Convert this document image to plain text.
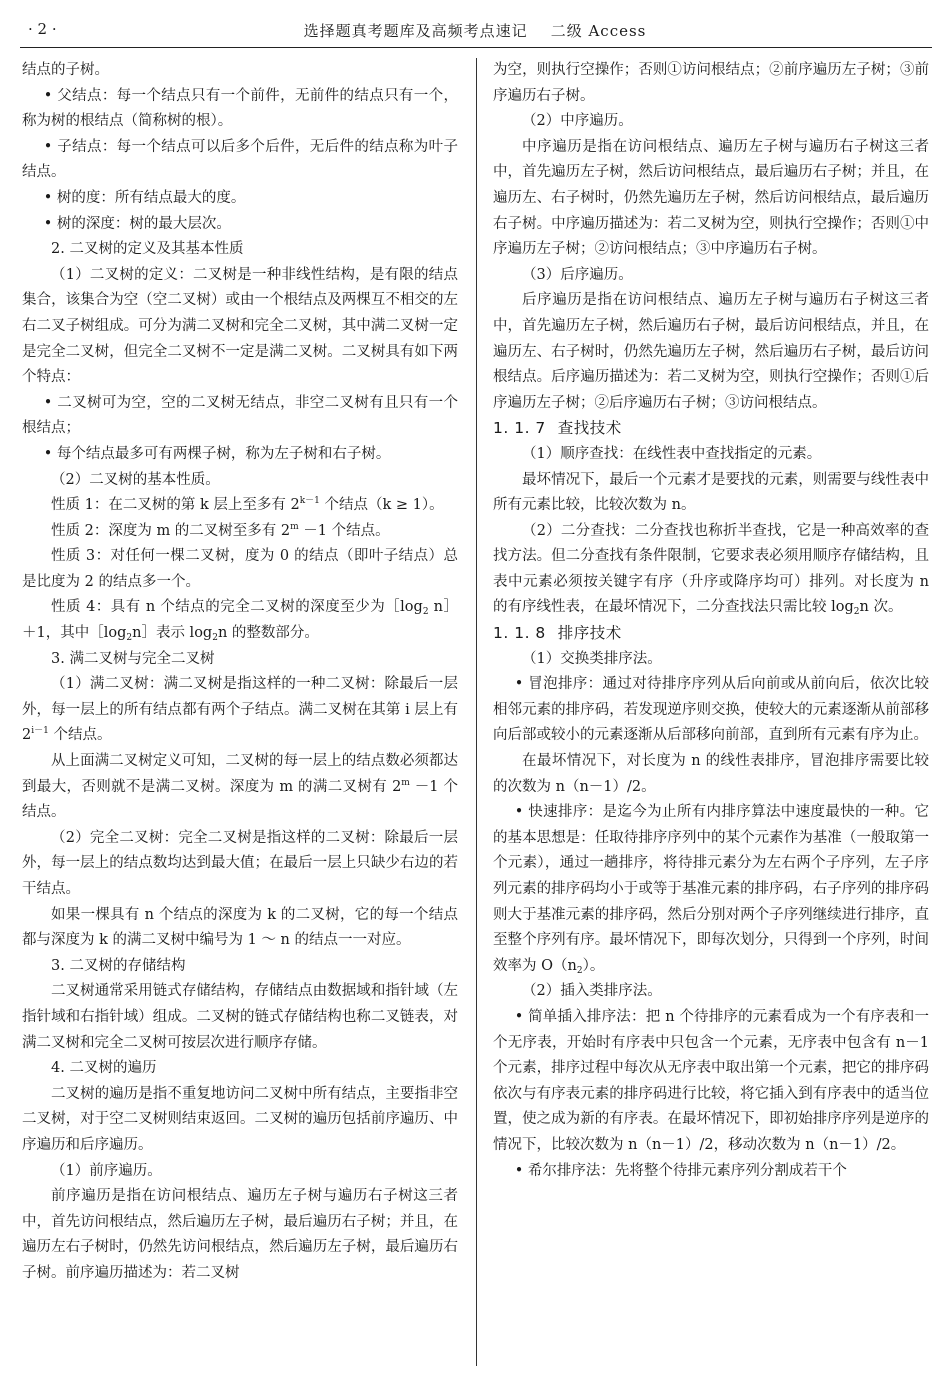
· 2 ·	选择题真考题库及高频考点速记    二级 Access

结点的子树。

• 父结点：每一个结点只有一个前件，无前件的结点只有一个，称为树的根结点（简称树的根）。

• 子结点：每一个结点可以后多个后件，无后件的结点称为叶子结点。

• 树的度：所有结点最大的度。

• 树的深度：树的最大层次。

2. 二叉树的定义及其基本性质

（1）二叉树的定义：二叉树是一种非线性结构，是有限的结点集合，该集合为空（空二叉树）或由一个根结点及两棵互不相交的左右二叉子树组成。可分为满二叉树和完全二叉树，其中满二叉树一定是完全二叉树，但完全二叉树不一定是满二叉树。二叉树具有如下两个特点：

• 二叉树可为空，空的二叉树无结点，非空二叉树有且只有一个根结点；

• 每个结点最多可有两棵子树，称为左子树和右子树。

（2）二叉树的基本性质。

性质 1：在二叉树的第 k 层上至多有 $2^{k-1}$ 个结点（k ≥ 1）。

性质 2：深度为 m 的二叉树至多有 $2^m -1$ 个结点。

性质 3：对任何一棵二叉树，度为 0 的结点（即叶子结点）总是比度为 2 的结点多一个。

性质 4：具有 n 个结点的完全二叉树的深度至少为$[\log_2$ n］＋1，其中$[\log_2n]$表示 $\log_2n$ 的整数部分。

3. 满二叉树与完全二叉树

（1）满二叉树：满二叉树是指这样的一种二叉树：除最后一层外，每一层上的所有结点都有两个子结点。满二叉树在其第 i 层上有 $2^{i-1}$ 个结点。

从上面满二叉树定义可知，二叉树的每一层上的结点数必须都达到最大，否则就不是满二叉树。深度为 m 的满二叉树有 $2^m -1$ 个结点。

（2）完全二叉树：完全二叉树是指这样的二叉树：除最后一层外，每一层上的结点数均达到最大值；在最后一层上只缺少右边的若干结点。

如果一棵具有 n 个结点的深度为 k 的二叉树，它的每一个结点都与深度为 k 的满二叉树中编号为 1 ～ n 的结点一一对应。

3. 二叉树的存储结构

二叉树通常采用链式存储结构，存储结点由数据域和指针域（左指针域和右指针域）组成。二叉树的链式存储结构也称二叉链表，对满二叉树和完全二叉树可按层次进行顺序存储。

4. 二叉树的遍历

二叉树的遍历是指不重复地访问二叉树中所有结点，主要指非空二叉树，对于空二叉树则结束返回。二叉树的遍历包括前序遍历、中序遍历和后序遍历。

（1）前序遍历。

前序遍历是指在访问根结点、遍历左子树与遍历右子树这三者中，首先访问根结点，然后遍历左子树，最后遍历右子树；并且，在遍历左右子树时，仍然先访问根结点，然后遍历左子树，最后遍历右子树。前序遍历描述为：若二叉树

为空，则执行空操作；否则①访问根结点；②前序遍历左子树；③前序遍历右子树。

（2）中序遍历。

中序遍历是指在访问根结点、遍历左子树与遍历右子树这三者中，首先遍历左子树，然后访问根结点，最后遍历右子树；并且，在遍历左、右子树时，仍然先遍历左子树，然后访问根结点，最后遍历右子树。中序遍历描述为：若二叉树为空，则执行空操作；否则①中序遍历左子树；②访问根结点；③中序遍历右子树。

（3）后序遍历。

后序遍历是指在访问根结点、遍历左子树与遍历右子树这三者中，首先遍历左子树，然后遍历右子树，最后访问根结点，并且，在遍历左、右子树时，仍然先遍历左子树，然后遍历右子树，最后访问根结点。后序遍历描述为：若二叉树为空，则执行空操作；否则①后序遍历左子树；②后序遍历右子树；③访问根结点。

1. 1. 7 查找技术

（1）顺序查找：在线性表中查找指定的元素。

最坏情况下，最后一个元素才是要找的元素，则需要与线性表中所有元素比较，比较次数为 n。

（2）二分查找：二分查找也称折半查找，它是一种高效率的查找方法。但二分查找有条件限制，它要求表必须用顺序存储结构，且表中元素必须按关键字有序（升序或降序均可）排列。对长度为 n 的有序线性表，在最坏情况下，二分查找法只需比较 $\log_2n$ 次。

1. 1. 8 排序技术

（1）交换类排序法。

• 冒泡排序：通过对待排序序列从后向前或从前向后，依次比较相邻元素的排序码，若发现逆序则交换，使较大的元素逐渐从前部移向后部或较小的元素逐渐从后部移向前部，直到所有元素有序为止。

在最坏情况下，对长度为 n 的线性表排序，冒泡排序需要比较的次数为 n（n－1）/2。

• 快速排序：是迄今为止所有内排序算法中速度最快的一种。它的基本思想是：任取待排序序列中的某个元素作为基准（一般取第一个元素），通过一趟排序，将待排元素分为左右两个子序列，左子序列元素的排序码均小于或等于基准元素的排序码，右子序列的排序码则大于基准元素的排序码，然后分别对两个子序列继续进行排序，直至整个序列有序。最坏情况下，即每次划分，只得到一个序列，时间效率为 $O(n_2)$。

（2）插入类排序法。

• 简单插入排序法：把 n 个待排序的元素看成为一个有序表和一个无序表，开始时有序表中只包含一个元素，无序表中包含有 n－1 个元素，排序过程中每次从无序表中取出第一个元素，把它的排序码依次与有序表元素的排序码进行比较，将它插入到有序表中的适当位置，使之成为新的有序表。在最坏情况下，即初始排序序列是逆序的情况下，比较次数为 n（n－1）/2，移动次数为 n（n－1）/2。

• 希尔排序法：先将整个待排元素序列分割成若干个
